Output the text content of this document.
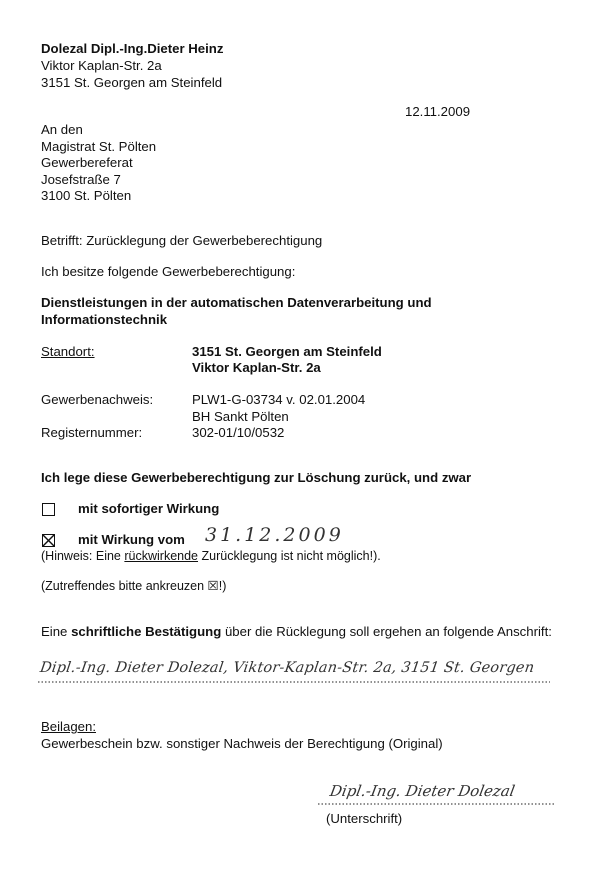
Dolezal Dipl.-Ing.Dieter Heinz
Viktor Kaplan-Str. 2a
3151 St. Georgen am Steinfeld
12.11.2009
An den
Magistrat St. Pölten
Gewerbereferat
Josefstraße 7
3100 St. Pölten
Betrifft: Zurücklegung der Gewerbeberechtigung
Ich besitze folgende Gewerbeberechtigung:
Dienstleistungen in der automatischen Datenverarbeitung und
Informationstechnik
Standort:	3151 St. Georgen am Steinfeld
Viktor Kaplan-Str. 2a
Gewerbenachweis:	PLW1-G-03734 v. 02.01.2004
BH Sankt Pölten
Registernummer:	302-01/10/0532
Ich lege diese Gewerbeberechtigung zur Löschung zurück, und zwar
mit sofortiger Wirkung
mit Wirkung vom 31.12.2009
(Hinweis: Eine rückwirkende Zurücklegung ist nicht möglich!).
(Zutreffendes bitte ankreuzen ☒!)
Eine schriftliche Bestätigung über die Rücklegung soll ergehen an folgende Anschrift:
Dipl.-Ing. Dieter Dolezal, Viktor-Kaplan-Str. 2a, 3151 St. Georgen
Beilagen:
Gewerbeschein bzw. sonstiger Nachweis der Berechtigung (Original)
Dipl.-Ing. Dieter Dolezal
(Unterschrift)
